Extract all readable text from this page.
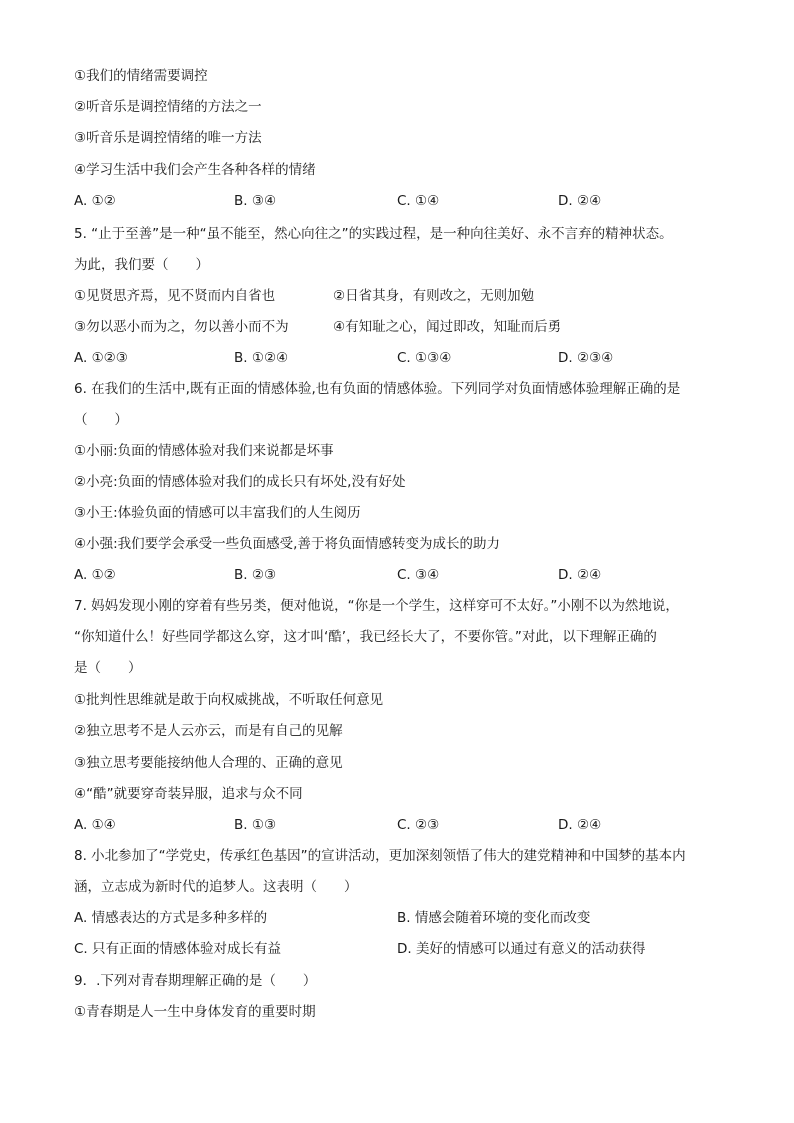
①我们的情绪需要调控
②听音乐是调控情绪的方法之一
③听音乐是调控情绪的唯一方法
④学习生活中我们会产生各种各样的情绪
A. ①②	B. ③④	C. ①④	D. ②④
5. “止于至善”是一种“虽不能至，然心向往之”的实践过程，是一种向往美好、永不言弃的精神状态。
为此，我们要（　　）
①见贤思齐焉，见不贤而内自省也	②日省其身，有则改之，无则加勉
③勿以恶小而为之，勿以善小而不为	④有知耻之心，闻过即改，知耻而后勇
A. ①②③	B. ①②④	C. ①③④	D. ②③④
6. 在我们的生活中,既有正面的情感体验,也有负面的情感体验。下列同学对负面情感体验理解正确的是
（　　）
①小丽:负面的情感体验对我们来说都是坏事
②小亮:负面的情感体验对我们的成长只有坏处,没有好处
③小王:体验负面的情感可以丰富我们的人生阅历
④小强:我们要学会承受一些负面感受,善于将负面情感转变为成长的助力
A. ①②	B. ②③	C. ③④	D. ②④
7. 妈妈发现小刚的穿着有些另类，便对他说，“你是一个学生，这样穿可不太好。”小刚不以为然地说，
“你知道什么！好些同学都这么穿，这才叫‘酷’，我已经长大了，不要你管。”对此，以下理解正确的
是（　　）
①批判性思维就是敢于向权威挑战，不听取任何意见
②独立思考不是人云亦云，而是有自己的见解
③独立思考要能接纳他人合理的、正确的意见
④“酷”就要穿奇装异服，追求与众不同
A. ①④	B. ①③	C. ②③	D. ②④
8. 小北参加了“学党史，传承红色基因”的宣讲活动，更加深刻领悟了伟大的建党精神和中国梦的基本内
涵，立志成为新时代的追梦人。这表明（　　）
A. 情感表达的方式是多种多样的	B. 情感会随着环境的变化而改变
C. 只有正面的情感体验对成长有益	D. 美好的情感可以通过有意义的活动获得
9．.下列对青春期理解正确的是（　　）
①青春期是人一生中身体发育的重要时期
